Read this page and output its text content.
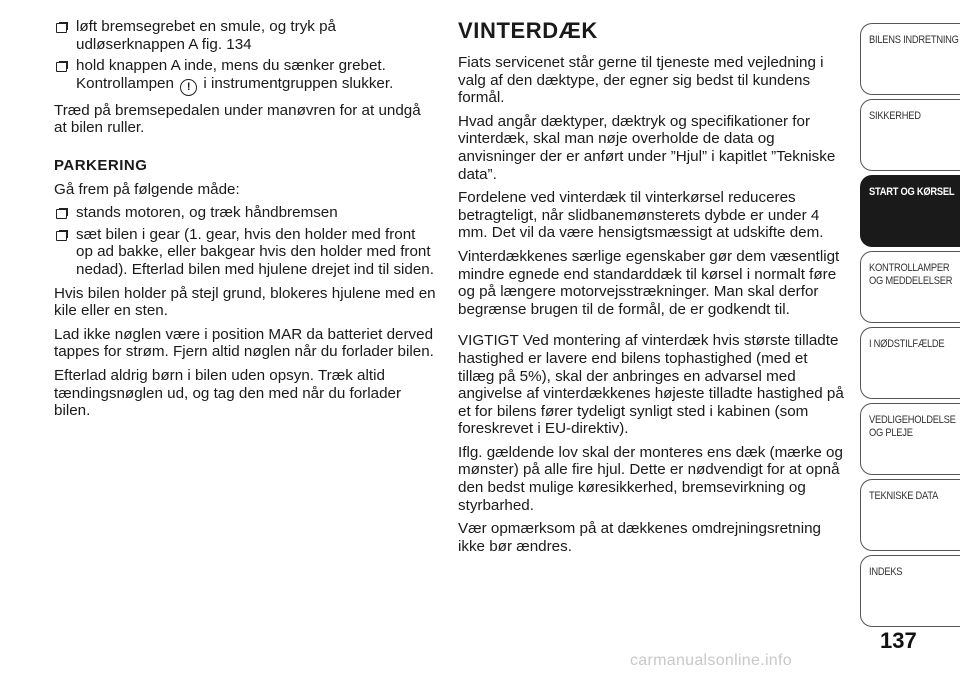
løft bremsegrebet en smule, og tryk på udløserknappen A fig. 134
hold knappen A inde, mens du sænker grebet. Kontrollampen ! i instrumentgruppen slukker.

Træd på bremsepedalen under manøvren for at undgå at bilen ruller.

PARKERING

Gå frem på følgende måde:

stands motoren, og træk håndbremsen
sæt bilen i gear (1. gear, hvis den holder med front op ad bakke, eller bakgear hvis den holder med front nedad). Efterlad bilen med hjulene drejet ind til siden.

Hvis bilen holder på stejl grund, blokeres hjulene med en kile eller en sten.

Lad ikke nøglen være i position MAR da batteriet derved tappes for strøm. Fjern altid nøglen når du forlader bilen.

Efterlad aldrig børn i bilen uden opsyn. Træk altid tændingsnøglen ud, og tag den med når du forlader bilen.

VINTERDÆK

Fiats servicenet står gerne til tjeneste med vejledning i valg af den dæktype, der egner sig bedst til kundens formål.

Hvad angår dæktyper, dæktryk og specifikationer for vinterdæk, skal man nøje overholde de data og anvisninger der er anført under ”Hjul” i kapitlet ”Tekniske data”.

Fordelene ved vinterdæk til vinterkørsel reduceres betragteligt, når slidbanemønsterets dybde er under 4 mm. Det vil da være hensigtsmæssigt at udskifte dem.

Vinterdækkenes særlige egenskaber gør dem væsentligt mindre egnede end standarddæk til kørsel i normalt føre og på længere motorvejsstrækninger. Man skal derfor begrænse brugen til de formål, de er godkendt til.

VIGTIGT Ved montering af vinterdæk hvis største tilladte hastighed er lavere end bilens tophastighed (med et tillæg på 5%), skal der anbringes en advarsel med angivelse af vinterdækkenes højeste tilladte hastighed på et for bilens fører tydeligt synligt sted i kabinen (som foreskrevet i EU-direktiv).

Iflg. gældende lov skal der monteres ens dæk (mærke og mønster) på alle fire hjul. Dette er nødvendigt for at opnå den bedst mulige køresikkerhed, bremsevirkning og styrbarhed.

Vær opmærksom på at dækkenes omdrejningsretning ikke bør ændres.

BILENS INDRETNING
SIKKERHED
START OG KØRSEL
KONTROLLAMPER
OG MEDDELELSER
I NØDSTILFÆLDE
VEDLIGEHOLDELSE
OG PLEJE
TEKNISKE DATA
INDEKS
137
carmanualsonline.info
